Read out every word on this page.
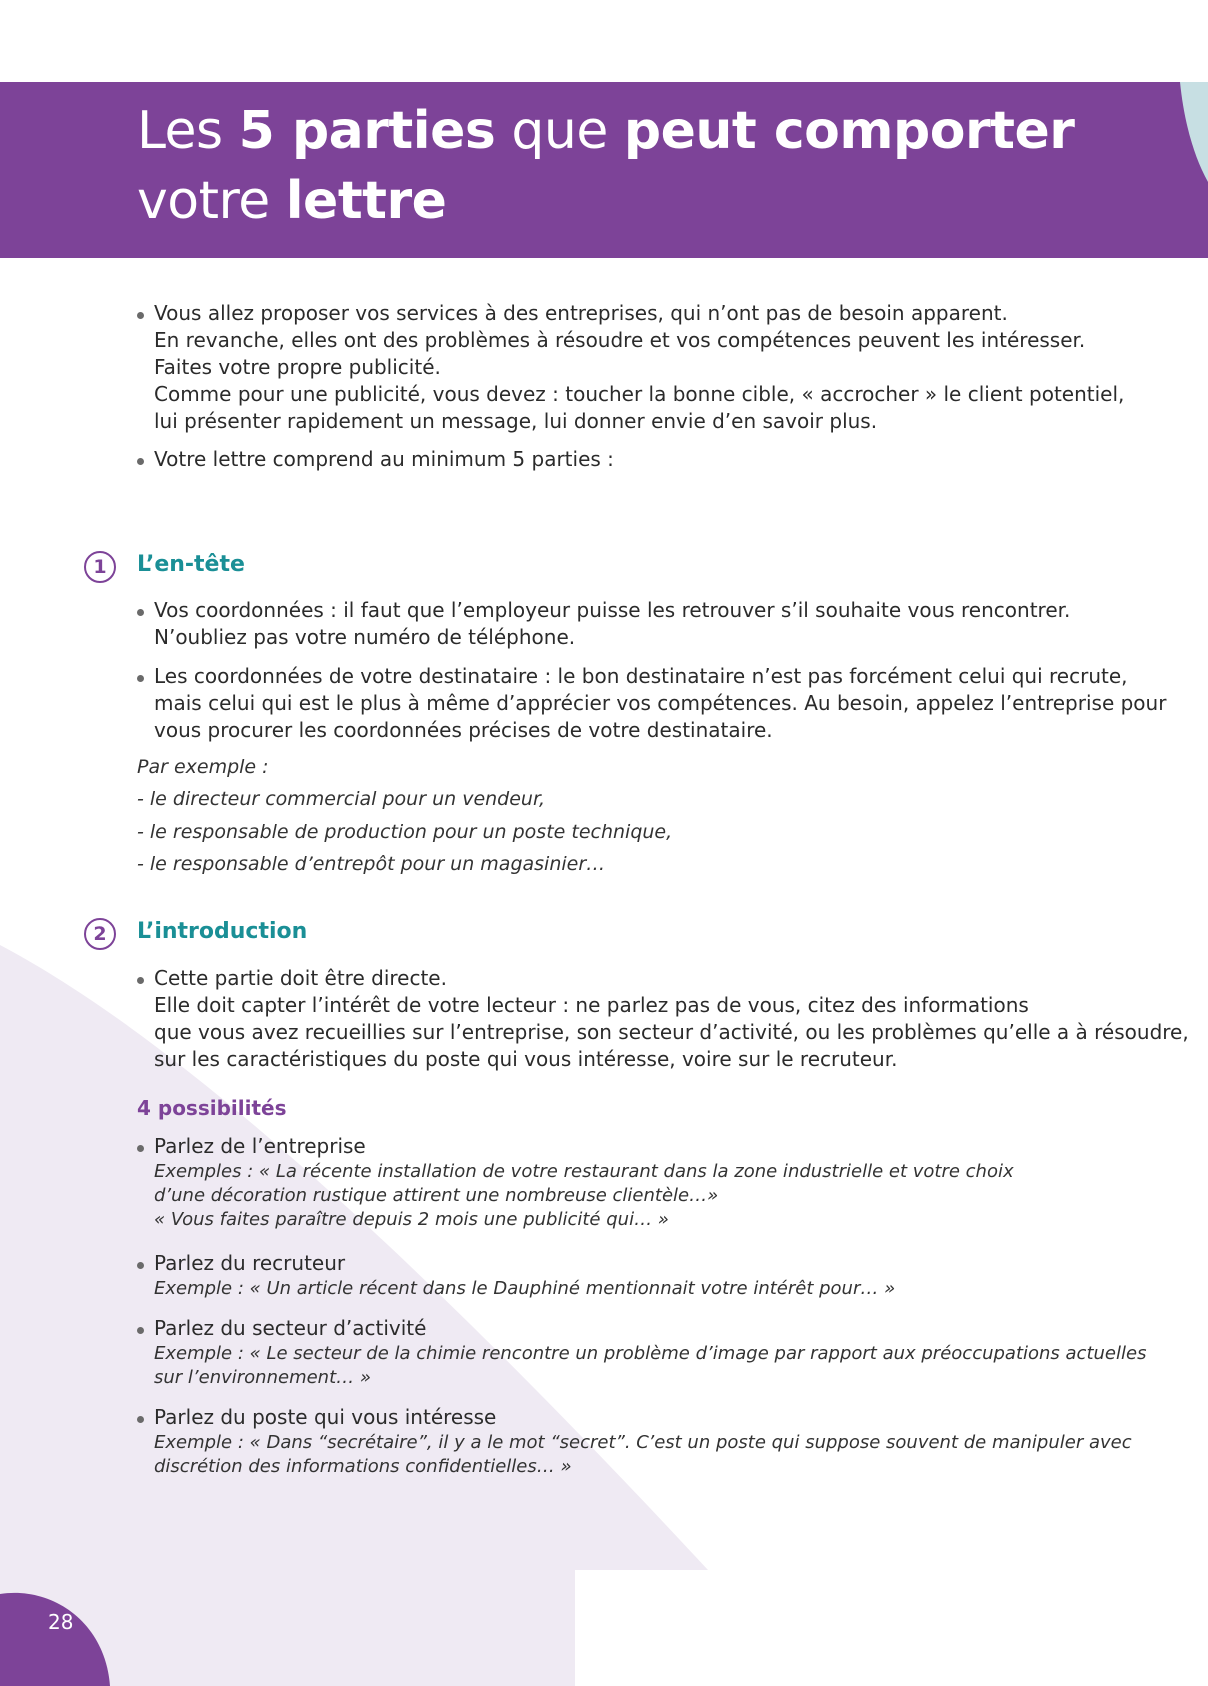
Les 5 parties que peut comporter
votre lettre
Vous allez proposer vos services à des entreprises, qui n’ont pas de besoin apparent.
En revanche, elles ont des problèmes à résoudre et vos compétences peuvent les intéresser.
Faites votre propre publicité.
Comme pour une publicité, vous devez : toucher la bonne cible, « accrocher » le client potentiel,
lui présenter rapidement un message, lui donner envie d’en savoir plus.
Votre lettre comprend au minimum 5 parties :
1	L’en-tête
Vos coordonnées : il faut que l’employeur puisse les retrouver s’il souhaite vous rencontrer.
N’oubliez pas votre numéro de téléphone.
Les coordonnées de votre destinataire : le bon destinataire n’est pas forcément celui qui recrute,
mais celui qui est le plus à même d’apprécier vos compétences. Au besoin, appelez l’entreprise pour
vous procurer les coordonnées précises de votre destinataire.
Par exemple :
- le directeur commercial pour un vendeur,
- le responsable de production pour un poste technique,
- le responsable d’entrepôt pour un magasinier…
2	L’introduction
Cette partie doit être directe.
Elle doit capter l’intérêt de votre lecteur : ne parlez pas de vous, citez des informations
que vous avez recueillies sur l’entreprise, son secteur d’activité, ou les problèmes qu’elle a à résoudre,
sur les caractéristiques du poste qui vous intéresse, voire sur le recruteur.
4 possibilités
Parlez de l’entreprise
Exemples : « La récente installation de votre restaurant dans la zone industrielle et votre choix
d’une décoration rustique attirent une nombreuse clientèle…»
« Vous faites paraître depuis 2 mois une publicité qui… »
Parlez du recruteur
Exemple : « Un article récent dans le Dauphiné mentionnait votre intérêt pour… »
Parlez du secteur d’activité
Exemple : « Le secteur de la chimie rencontre un problème d’image par rapport aux préoccupations actuelles
sur l’environnement… »
Parlez du poste qui vous intéresse
Exemple : « Dans “secrétaire”, il y a le mot “secret”. C’est un poste qui suppose souvent de manipuler avec
discrétion des informations confidentielles… »
28
